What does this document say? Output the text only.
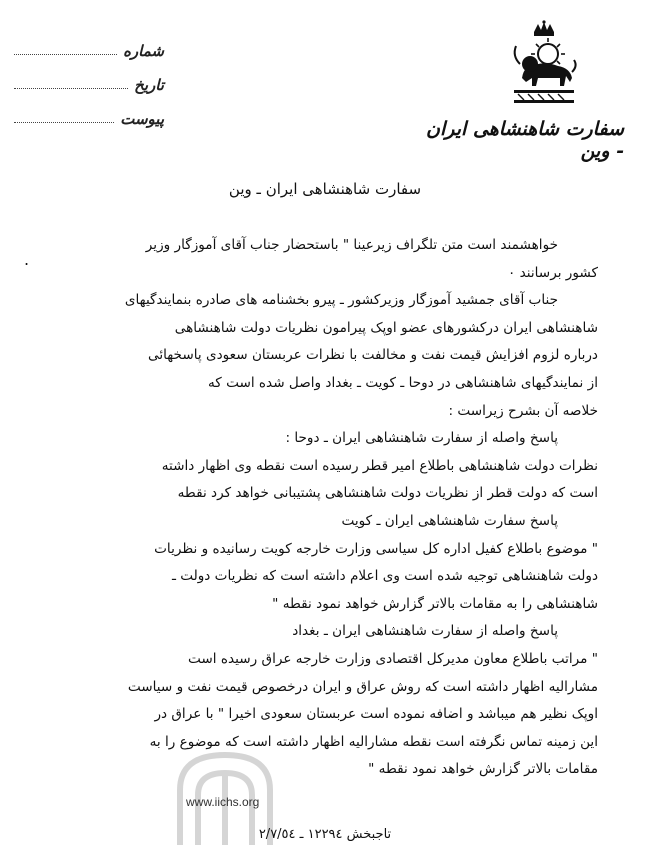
شماره
تاریخ
پیوست	سفارت شاهنشاهی ایران - وین
سفارت شاهنشاهی ایران ـ وین
.
خواهشمند است متن تلگراف زیرعینا " باستحضار جناب آقای آموزگار وزیر
کشور برسانند ٠
جناب آقای جمشید آموزگار وزیرکشور ـ پیرو بخشنامه های صادره بنمایندگیهای
شاهنشاهی ایران درکشورهای عضو اوپک پیرامون نظریات دولت شاهنشاهی
درباره لزوم افزایش قیمت نفت و مخالفت با نظرات عربستان سعودی پاسخهائی
از نمایندگیهای شاهنشاهی در دوحا ـ کویت ـ بغداد واصل شده است که
خلاصه آن بشرح زیراست :
پاسخ واصله از سفارت شاهنشاهی ایران ـ دوحا :
نظرات دولت شاهنشاهی باطلاع امیر قطر رسیده است نقطه وی اظهار داشته
است که دولت قطر از نظریات دولت شاهنشاهی پشتیبانی خواهد کرد نقطه
پاسخ سفارت شاهنشاهی ایران ـ کویت
" موضوع باطلاع کفیل اداره کل سیاسی وزارت خارجه کویت رسانیده و نظریات
دولت شاهنشاهی توجیه شده است وی اعلام داشته است که نظریات دولت ـ
شاهنشاهی را به مقامات بالاتر گزارش خواهد نمود نقطه "
پاسخ واصله از سفارت شاهنشاهی ایران ـ بغداد
" مراتب باطلاع معاون مدیرکل اقتصادی وزارت خارجه عراق رسیده است
مشارالیه اظهار داشته است که روش عراق و ایران درخصوص قیمت نفت و سیاست
اوپک نظیر هم میباشد و اضافه نموده است عربستان سعودی اخیرا " با عراق در
این زمینه تماس نگرفته است نقطه مشارالیه اظهار داشته است که موضوع را به
مقامات بالاتر گزارش خواهد نمود نقطه "
www.iichs.org
تاجبخش ١٢٢٩٤ ـ ٢/٧/٥٤
